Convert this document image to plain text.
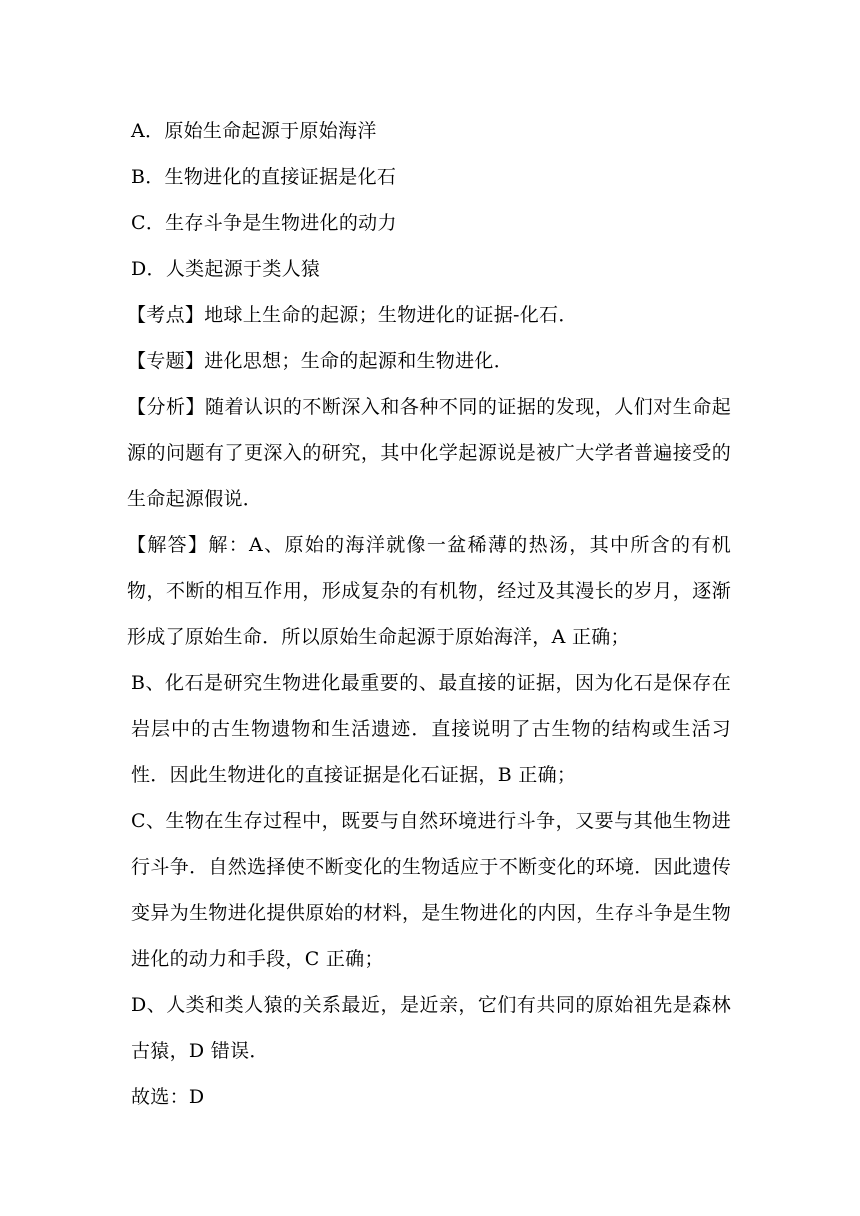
A．原始生命起源于原始海洋
B．生物进化的直接证据是化石
C．生存斗争是生物进化的动力
D．人类起源于类人猿
【考点】地球上生命的起源；生物进化的证据-化石．
【专题】进化思想；生命的起源和生物进化．
【分析】随着认识的不断深入和各种不同的证据的发现，人们对生命起源的问题有了更深入的研究，其中化学起源说是被广大学者普遍接受的生命起源假说．
【解答】解：A、原始的海洋就像一盆稀薄的热汤，其中所含的有机物，不断的相互作用，形成复杂的有机物，经过及其漫长的岁月，逐渐形成了原始生命．所以原始生命起源于原始海洋，A 正确；
B、化石是研究生物进化最重要的、最直接的证据，因为化石是保存在岩层中的古生物遗物和生活遗迹．直接说明了古生物的结构或生活习性．因此生物进化的直接证据是化石证据，B 正确；
C、生物在生存过程中，既要与自然环境进行斗争，又要与其他生物进行斗争．自然选择使不断变化的生物适应于不断变化的环境．因此遗传变异为生物进化提供原始的材料，是生物进化的内因，生存斗争是生物进化的动力和手段，C 正确；
D、人类和类人猿的关系最近，是近亲，它们有共同的原始祖先是森林古猿，D 错误．
故选：D
